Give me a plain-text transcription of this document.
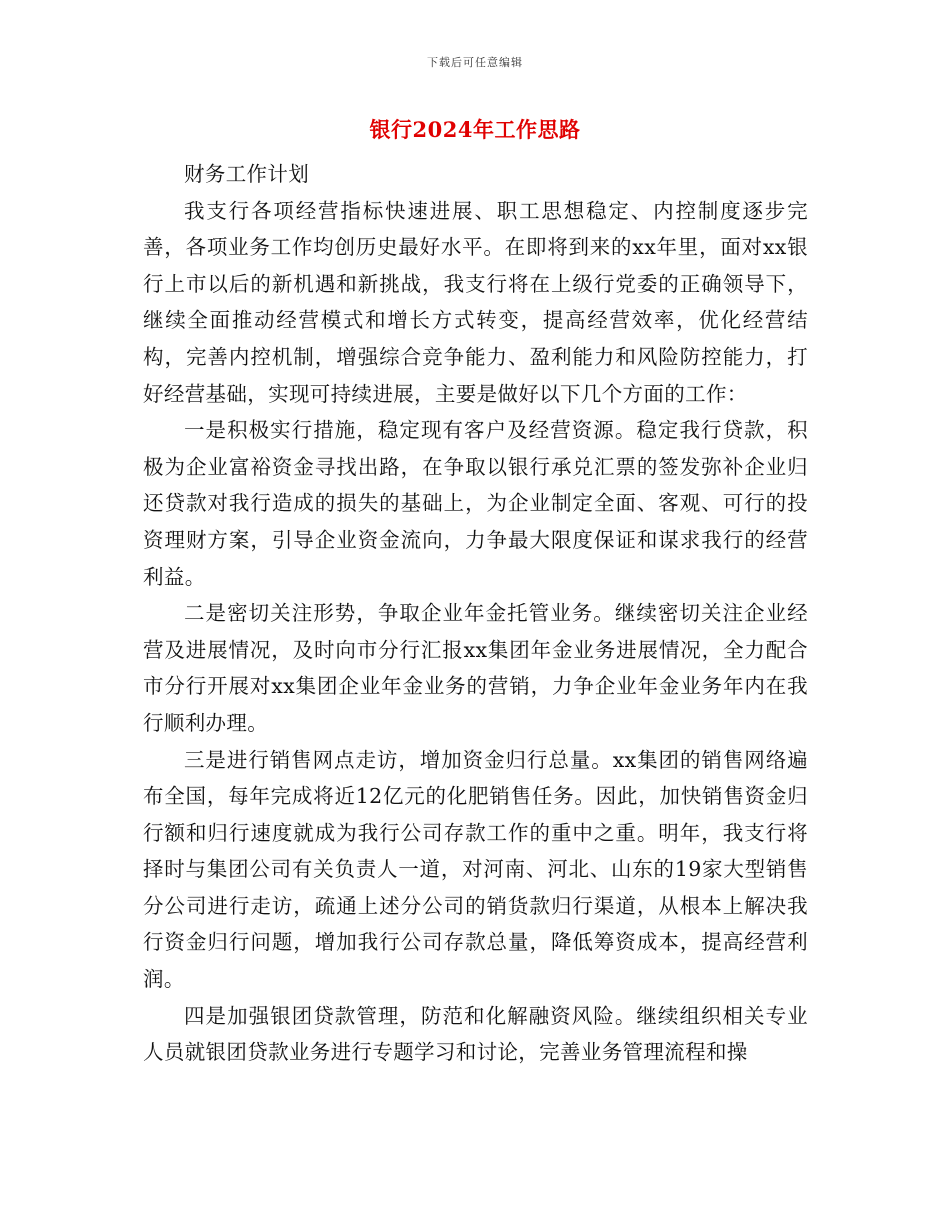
下载后可任意编辑
银行2024年工作思路

财务工作计划

我支行各项经营指标快速进展、职工思想稳定、内控制度逐步完善，各项业务工作均创历史最好水平。在即将到来的xx年里，面对xx银行上市以后的新机遇和新挑战，我支行将在上级行党委的正确领导下，继续全面推动经营模式和增长方式转变，提高经营效率，优化经营结构，完善内控机制，增强综合竞争能力、盈利能力和风险防控能力，打好经营基础，实现可持续进展，主要是做好以下几个方面的工作：

一是积极实行措施，稳定现有客户及经营资源。稳定我行贷款，积极为企业富裕资金寻找出路，在争取以银行承兑汇票的签发弥补企业归还贷款对我行造成的损失的基础上，为企业制定全面、客观、可行的投资理财方案，引导企业资金流向，力争最大限度保证和谋求我行的经营利益。

二是密切关注形势，争取企业年金托管业务。继续密切关注企业经营及进展情况，及时向市分行汇报xx集团年金业务进展情况，全力配合市分行开展对xx集团企业年金业务的营销，力争企业年金业务年内在我行顺利办理。

三是进行销售网点走访，增加资金归行总量。xx集团的销售网络遍布全国，每年完成将近12亿元的化肥销售任务。因此，加快销售资金归行额和归行速度就成为我行公司存款工作的重中之重。明年，我支行将择时与集团公司有关负责人一道，对河南、河北、山东的19家大型销售分公司进行走访，疏通上述分公司的销货款归行渠道，从根本上解决我行资金归行问题，增加我行公司存款总量，降低筹资成本，提高经营利润。

四是加强银团贷款管理，防范和化解融资风险。继续组织相关专业人员就银团贷款业务进行专题学习和讨论，完善业务管理流程和操
